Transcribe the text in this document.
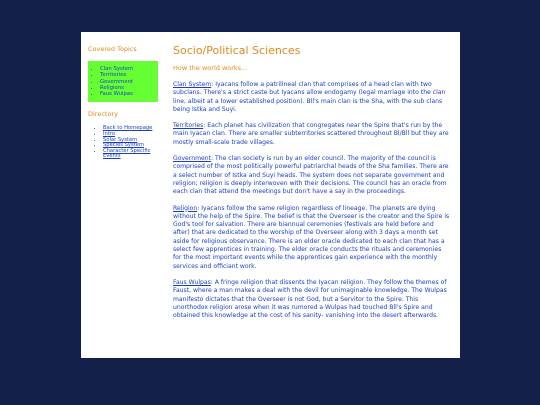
Covered Topics
• Clan System
• Territories
• Government
• Religions
• Faus Wulpas
Directory
• Back to Homepage
• Intro
• Solar System
• Species System
• Character Specific Events
Socio/Political Sciences
How the world works...

Clan System: Iyacans follow a patrilineal clan that comprises of a head clan with two subclans. There's a strict caste but Iyacans allow endogamy (legal marriage into the clan line, albeit at a lower established position). Bll's main clan is the Sha, with the sub clans being Istka and Suyi.

Territories: Each planet has civilization that congregates near the Spire that's run by the main Iyacan clan. There are smaller subterritories scattered throughout Bl/Bll but they are mostly small-scale trade villages.

Government: The clan society is run by an elder council. The majority of the council is comprised of the most politically powerful patriarchal heads of the Sha families. There are a select number of Istka and Suyi heads. The system does not separate government and religion; religion is deeply interwoven with their decisions. The council has an oracle from each clan that attend the meetings but don't have a say in the proceedings.

Religion: Iyacans follow the same religion regardless of lineage. The planets are dying without the help of the Spire. The belief is that the Overseer is the creator and the Spire is God's tool for salvation. There are biannual ceremonies (festivals are held before and after) that are dedicated to the worship of the Overseer along with 3 days a month set aside for religious observance. There is an elder oracle dedicated to each clan that has a select few apprentices in training. The elder oracle conducts the rituals and ceremonies for the most important events while the apprentices gain experience with the monthly services and officiant work.

Faus Wulpas: A fringe religion that dissents the Iyacan religion. They follow the themes of Faust, where a man makes a deal with the devil for unimaginable knowledge. The Wulpas manifesto dictates that the Overseer is not God, but a Servitor to the Spire. This unorthodox religion arose when it was rumored a Wulpas had touched Bll's Spire and obtained this knowledge at the cost of his sanity- vanishing into the desert afterwards.
